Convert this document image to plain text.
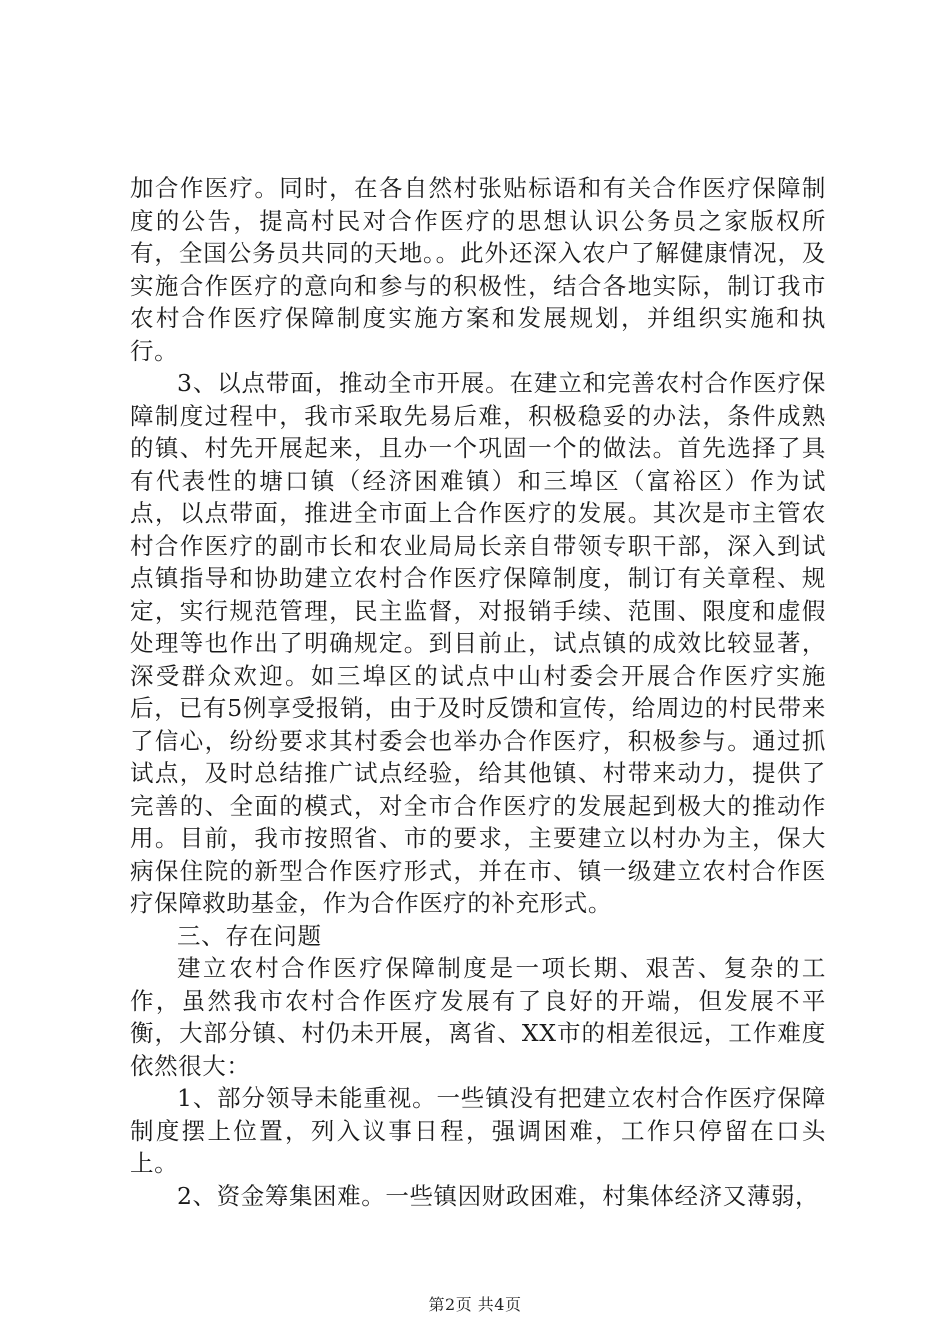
加合作医疗。同时，在各自然村张贴标语和有关合作医疗保障制度的公告，提高村民对合作医疗的思想认识公务员之家版权所有，全国公务员共同的天地。。此外还深入农户了解健康情况，及实施合作医疗的意向和参与的积极性，结合各地实际，制订我市农村合作医疗保障制度实施方案和发展规划，并组织实施和执行。

3、以点带面，推动全市开展。在建立和完善农村合作医疗保障制度过程中，我市采取先易后难，积极稳妥的办法，条件成熟的镇、村先开展起来，且办一个巩固一个的做法。首先选择了具有代表性的塘口镇（经济困难镇）和三埠区（富裕区）作为试点，以点带面，推进全市面上合作医疗的发展。其次是市主管农村合作医疗的副市长和农业局局长亲自带领专职干部，深入到试点镇指导和协助建立农村合作医疗保障制度，制订有关章程、规定，实行规范管理，民主监督，对报销手续、范围、限度和虚假处理等也作出了明确规定。到目前止，试点镇的成效比较显著，深受群众欢迎。如三埠区的试点中山村委会开展合作医疗实施后，已有5例享受报销，由于及时反馈和宣传，给周边的村民带来了信心，纷纷要求其村委会也举办合作医疗，积极参与。通过抓试点，及时总结推广试点经验，给其他镇、村带来动力，提供了完善的、全面的模式，对全市合作医疗的发展起到极大的推动作用。目前，我市按照省、市的要求，主要建立以村办为主，保大病保住院的新型合作医疗形式，并在市、镇一级建立农村合作医疗保障救助基金，作为合作医疗的补充形式。

三、存在问题

建立农村合作医疗保障制度是一项长期、艰苦、复杂的工作，虽然我市农村合作医疗发展有了良好的开端，但发展不平衡，大部分镇、村仍未开展，离省、XX市的相差很远，工作难度依然很大：

1、部分领导未能重视。一些镇没有把建立农村合作医疗保障制度摆上位置，列入议事日程，强调困难，工作只停留在口头上。

2、资金筹集困难。一些镇因财政困难，村集体经济又薄弱，

第2页 共4页
